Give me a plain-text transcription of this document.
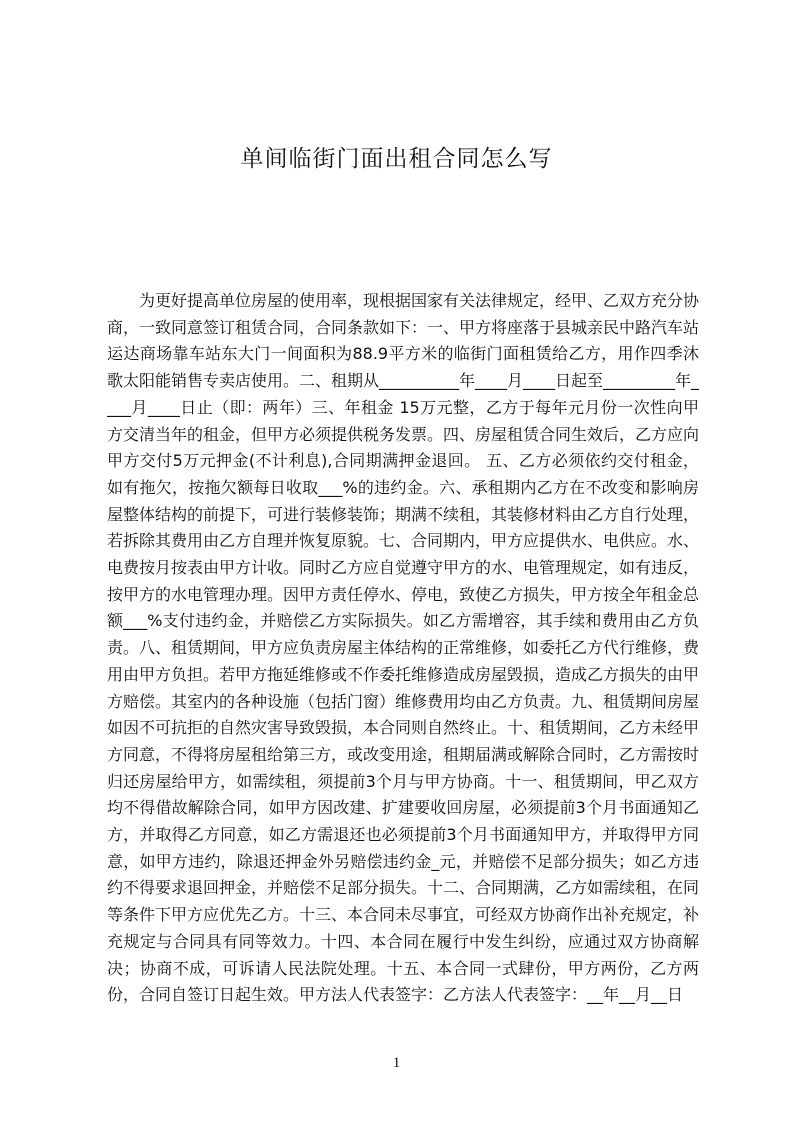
单间临街门面出租合同怎么写

为更好提高单位房屋的使用率，现根据国家有关法律规定，经甲、乙双方充分协商，一致同意签订租赁合同，合同条款如下：一、甲方将座落于县城亲民中路汽车站运达商场靠车站东大门一间面积为88.9平方米的临街门面租赁给乙方，用作四季沐歌太阳能销售专卖店使用。二、租期从__________年____月____日起至_________年____月____日止（即：两年）三、年租金 15万元整，乙方于每年元月份一次性向甲方交清当年的租金，但甲方必须提供税务发票。四、房屋租赁合同生效后，乙方应向甲方交付5万元押金(不计利息),合同期满押金退回。 五、乙方必须依约交付租金，如有拖欠，按拖欠额每日收取___%的违约金。六、承租期内乙方在不改变和影响房屋整体结构的前提下，可进行装修装饰；期满不续租，其装修材料由乙方自行处理，若拆除其费用由乙方自理并恢复原貌。七、合同期内，甲方应提供水、电供应。水、电费按月按表由甲方计收。同时乙方应自觉遵守甲方的水、电管理规定，如有违反，按甲方的水电管理办理。因甲方责任停水、停电，致使乙方损失，甲方按全年租金总额___%支付违约金，并赔偿乙方实际损失。如乙方需增容，其手续和费用由乙方负责。八、租赁期间，甲方应负责房屋主体结构的正常维修，如委托乙方代行维修，费用由甲方负担。若甲方拖延维修或不作委托维修造成房屋毁损，造成乙方损失的由甲方赔偿。其室内的各种设施（包括门窗）维修费用均由乙方负责。九、租赁期间房屋如因不可抗拒的自然灾害导致毁损，本合同则自然终止。十、租赁期间，乙方未经甲方同意，不得将房屋租给第三方，或改变用途，租期届满或解除合同时，乙方需按时归还房屋给甲方，如需续租，须提前3个月与甲方协商。十一、租赁期间，甲乙双方均不得借故解除合同，如甲方因改建、扩建要收回房屋，必须提前3个月书面通知乙方，并取得乙方同意，如乙方需退还也必须提前3个月书面通知甲方，并取得甲方同意，如甲方违约，除退还押金外另赔偿违约金_元，并赔偿不足部分损失；如乙方违约不得要求退回押金，并赔偿不足部分损失。十二、合同期满，乙方如需续租，在同等条件下甲方应优先乙方。十三、本合同未尽事宜，可经双方协商作出补充规定，补充规定与合同具有同等效力。十四、本合同在履行中发生纠纷，应通过双方协商解决；协商不成，可诉请人民法院处理。十五、本合同一式肆份，甲方两份，乙方两份，合同自签订日起生效。甲方法人代表签字：乙方法人代表签字：__年__月__日

1
